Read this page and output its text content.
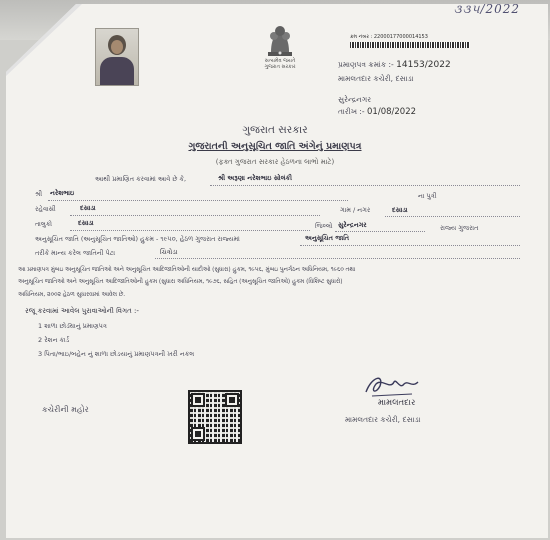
૩૩૫/2022
સત્યમેવ જયતે
ગુજરાત સરકાર
ક્રમ નંબર : 22000177000014153
પ્રમાણપત્ર ક્રમાંક :- 14153/2022
મામલતદાર કચેરી, દસાડા
સુરેન્દ્રનગર
તારીખ :- 01/08/2022
ગુજરાત સરકાર
ગુજરાતની અનુસૂચિત જાતિ અંગેનું પ્રમાણપત્ર
(ફક્ત ગુજરાત સરકાર હેઠળના લાભો માટે)
આથી પ્રમાણિત કરવામાં આવે છે કે,	શ્રી અરૂણા નરેશભાઇ સોલંકી
શ્રી નરેશભાઇ	ના પુત્રી
રહેવાસી	દસાડા	ગામ / નગર	દસાડા
તાલુકો	દસાડા	જિલ્લો સુરેન્દ્રનગર	રાજ્ય ગુજરાત
અનુસૂચિત જાતિ (અનુસૂચિત જાતિઓ) હુકમ - ૧૯૫૦, હેઠળ ગુજરાત રાજ્યમાં	અનુસૂચિત જાતિ
તરીકે માન્ય કરેલ જાતિની પેટા	ચિત્રોડા
આ પ્રમાણપત્ર મુંબઇ અનુસૂચિત જાતિઓ અને અનુસૂચિત આદિજાતિઓની યાદીઓ (સુધારા) હુકમ, ૧૯૫૬, મુંબઇ પુનર્ગઠન અધિનિયમ, ૧૯૬૦ તથા
અનુસૂચિત જાતિઓ અને અનુસૂચિત આદિજાતિઓની હુકમ (સુધારા અધિનિયમ, ૧૯૭૬, સહિત (અનુસૂચિત જાતિઓ) હુકમ (વિશિષ્ટ સુધારો)
અધિનિયમ, ૨૦૦૨ હેઠળ સુધારવામાં આવેલ છે.
રજૂ કરવામાં આવેલ પુરાવાઓની વિગત :-
1 શાળા છોડ્યાનું પ્રમાણપત્ર
2 રેશન કાર્ડ
3 પિતા/ભાઇ/બહેન નું શાળા છોડયાનું પ્રમાણપત્રની ખરી નકલ
કચેરીની મહોર
મામલતદાર
મામલતદાર કચેરી, દસાડા
